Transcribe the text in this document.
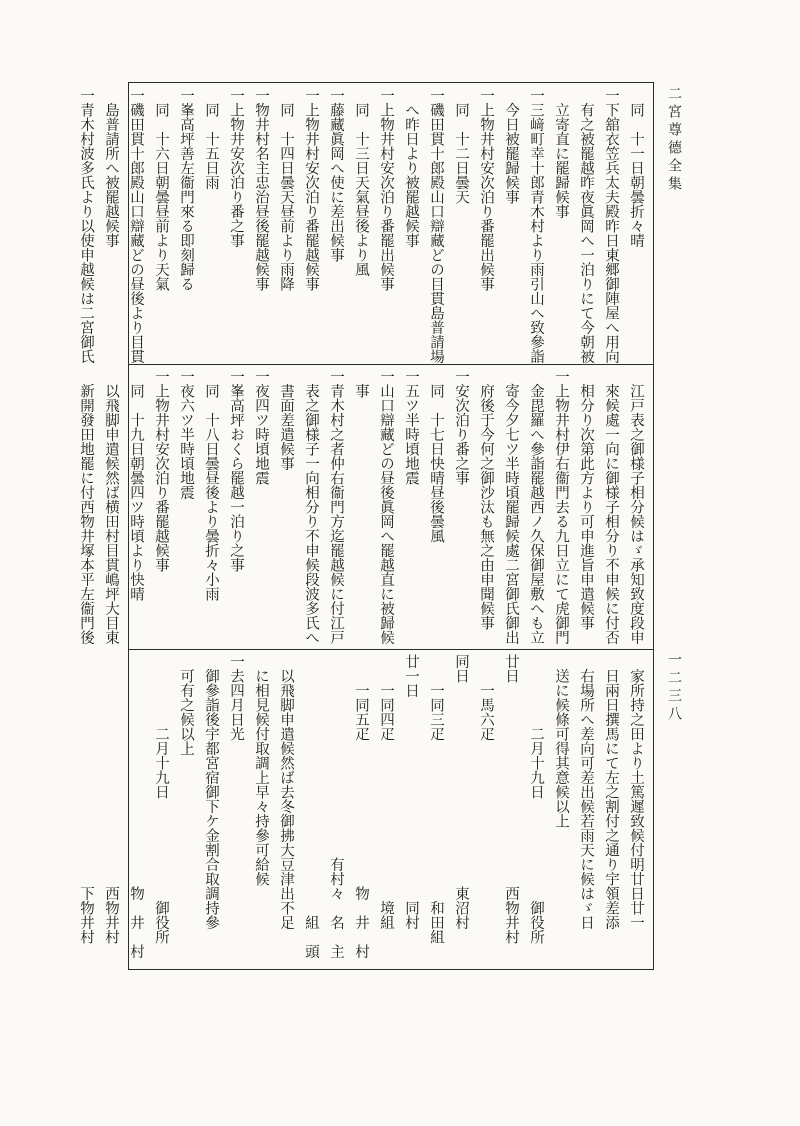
二宮尊德全集
一二三八
　同　十一日朝曇折々晴
一下舘衣笠兵太夫殿昨日東郷御陣屋へ用向
　有之被罷越昨夜眞岡へ一泊りにて今朝被
　立寄直に罷歸候事
一三﨑町幸十郎青木村より雨引山へ致參詣
　今日被罷歸候事
一上物井村安次泊り番罷出候事
　同　十二日曇天
一磯田貫十郎殿山口辯藏どの目貫島普請場
　へ昨日より被罷越候事
一上物井村安次泊り番罷出候事
　同　十三日天氣昼後より風
一藤藏眞岡へ使に差出候事
一上物井村安次泊り番罷越候事
　同　十四日曇天昼前より雨降
一物井村名主忠治昼後罷越候事
一上物井安次泊り番之事
　同　十五日雨
一峯高坪善左衞門來る即刻歸る
　同　十六日朝曇昼前より天氣
一磯田貫十郎殿山口辯藏どの昼後より目貫
　島普請所へ被罷越候事
一青木村波多氏より以使申越候は二宮御氏
　江戸表之御様子相分候はゞ承知致度段申
　來候處一向に御様子相分り不申候に付否
　相分り次第此方より可申進旨申遣候事
一上物井村伊右衞門去る九日立にて虎御門
　金毘羅へ參詣罷越西ノ久保御屋敷へも立
　寄今夕七ツ半時頃罷歸候處二宮御氏御出
　府後于今何之御沙汰も無之由申聞候事
一安次泊り番之事
　同　十七日快晴昼後曇風
一五ツ半時頃地震
一山口辯藏どの昼後眞岡へ罷越直に被歸候
　事
一青木村之者仲右衞門方迄罷越候に付江戸
　表之御様子一向相分り不申候段波多氏へ
　書面差遣候事
一夜四ツ時頃地震
一峯高坪おくら罷越一泊り之事
　同　十八日曇昼後より曇折々小雨
一夜六ツ半時頃地震
一上物井村安次泊り番罷越候事
　同　十九日朝曇四ツ時頃より快晴
　以飛脚申遣候然ば横田村目貫嶋坪大目東
　新開發田地罷に付西物井塚本平左衞門後
　家所持之田より土篤遲致候付明廿日廿一
　日兩日撰馬にて左之割付之通り宇領差添
　右場所へ差向可差出候若雨天に候はゞ日
　送に候條可得其意候以上
　　　　　二月十九日　　　　　　　御役所
廿日　　　　　　　　　　　　　　西物井村
　　一馬六疋
同日　　　　　　　　　　　　　　東沼村
　　一同三疋　　　　　　　　　　　和田組
廿一日　　　　　　　　　　　　　　同村
　　一同四疋　　　　　　　　　　　境組
　　一同五疋　　　　　　　　　　物　井　村
　　　　　　　　　　　　　　有村々　名　主
　　　　　　　　　　　　　　　　　　組　頭
　以飛脚申遣候然ば去冬御拂大豆津出不足
　に相見候付取調上早々持參可給候
一去四月日光
　御參詣後宇都宮宿御下ケ金割合取調持參
　可有之候以上
　　　　　二月十九日　　　　　　　御役所
　　　　　　　　　　　　　　　　物　井　村
　　　　　　　　　　　　　　　　西物井村
　　　　　　　　　　　　　　　　下物井村
